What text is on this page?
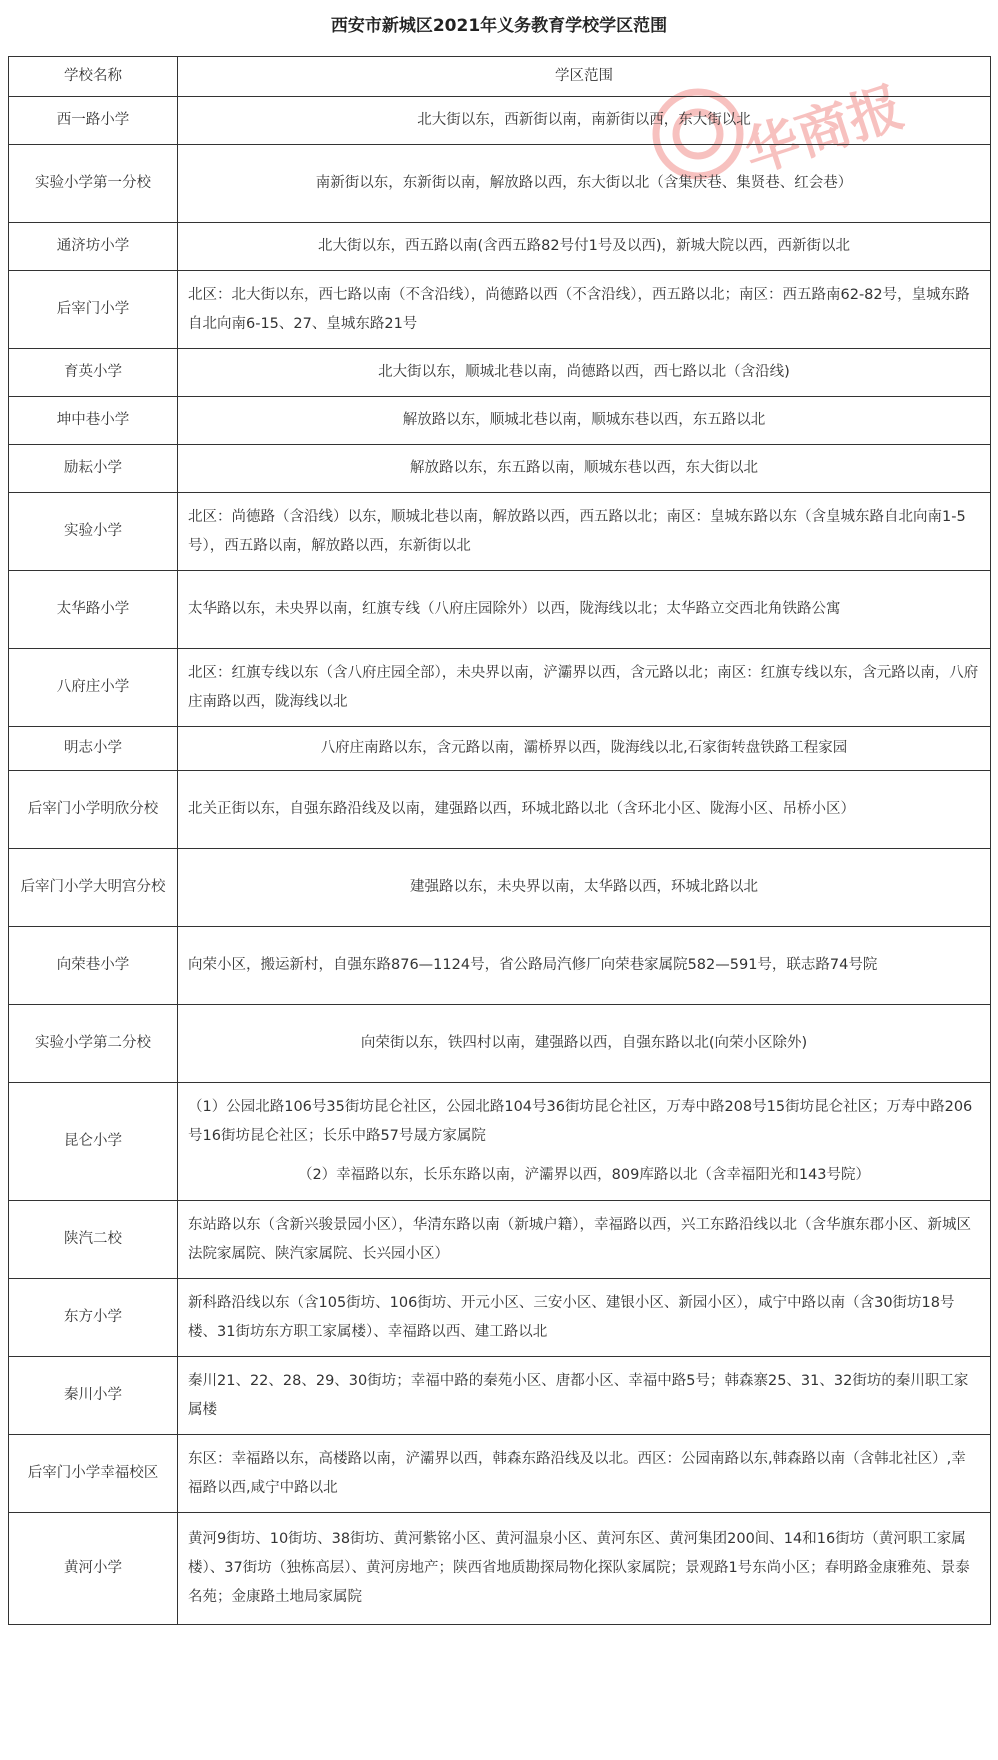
西安市新城区2021年义务教育学校学区范围
华商报
学校名称	学区范围
西一路小学	北大街以东，西新街以南，南新街以西，东大街以北
实验小学第一分校	南新街以东，东新街以南，解放路以西，东大街以北（含集庆巷、集贤巷、红会巷）
通济坊小学	北大街以东，西五路以南(含西五路82号付1号及以西)，新城大院以西，西新街以北
后宰门小学	北区：北大街以东，西七路以南（不含沿线），尚德路以西（不含沿线），西五路以北；南区：西五路南62-82号，皇城东路自北向南6-15、27、皇城东路21号
育英小学	北大街以东，顺城北巷以南，尚德路以西，西七路以北（含沿线)
坤中巷小学	解放路以东，顺城北巷以南，顺城东巷以西，东五路以北
励耘小学	解放路以东，东五路以南，顺城东巷以西，东大街以北
实验小学	北区：尚德路（含沿线）以东，顺城北巷以南，解放路以西，西五路以北；南区：皇城东路以东（含皇城东路自北向南1-5号），西五路以南，解放路以西，东新街以北
太华路小学	太华路以东，未央界以南，红旗专线（八府庄园除外）以西，陇海线以北；太华路立交西北角铁路公寓
八府庄小学	北区：红旗专线以东（含八府庄园全部），未央界以南，浐灞界以西，含元路以北；南区：红旗专线以东，含元路以南，八府庄南路以西，陇海线以北
明志小学	八府庄南路以东，含元路以南，灞桥界以西，陇海线以北,石家街转盘铁路工程家园
后宰门小学明欣分校	北关正街以东，自强东路沿线及以南，建强路以西，环城北路以北（含环北小区、陇海小区、吊桥小区）
后宰门小学大明宫分校	建强路以东，未央界以南，太华路以西，环城北路以北
向荣巷小学	向荣小区，搬运新村，自强东路876—1124号，省公路局汽修厂向荣巷家属院582—591号，联志路74号院
实验小学第二分校	向荣街以东，铁四村以南，建强路以西，自强东路以北(向荣小区除外)
昆仑小学	（1）公园北路106号35街坊昆仑社区，公园北路104号36街坊昆仑社区，万寿中路208号15街坊昆仑社区；万寿中路206号16街坊昆仑社区；长乐中路57号晟方家属院
（2）幸福路以东，长乐东路以南，浐灞界以西，809库路以北（含幸福阳光和143号院）

陕汽二校	东站路以东（含新兴骏景园小区），华清东路以南（新城户籍），幸福路以西，兴工东路沿线以北（含华旗东郡小区、新城区法院家属院、陕汽家属院、长兴园小区）
东方小学	新科路沿线以东（含105街坊、106街坊、开元小区、三安小区、建银小区、新园小区），咸宁中路以南（含30街坊18号楼、31街坊东方职工家属楼）、幸福路以西、建工路以北
秦川小学	秦川21、22、28、29、30街坊；幸福中路的秦苑小区、唐都小区、幸福中路5号；韩森寨25、31、32街坊的秦川职工家属楼
后宰门小学幸福校区	东区：幸福路以东，高楼路以南，浐灞界以西，韩森东路沿线及以北。西区：公园南路以东,韩森路以南（含韩北社区）,幸福路以西,咸宁中路以北
黄河小学	黄河9街坊、10街坊、38街坊、黄河紫铭小区、黄河温泉小区、黄河东区、黄河集团200间、14和16街坊（黄河职工家属楼）、37街坊（独栋高层）、黄河房地产；陕西省地质勘探局物化探队家属院；景观路1号东尚小区；春明路金康雅苑、景泰名苑；金康路土地局家属院
